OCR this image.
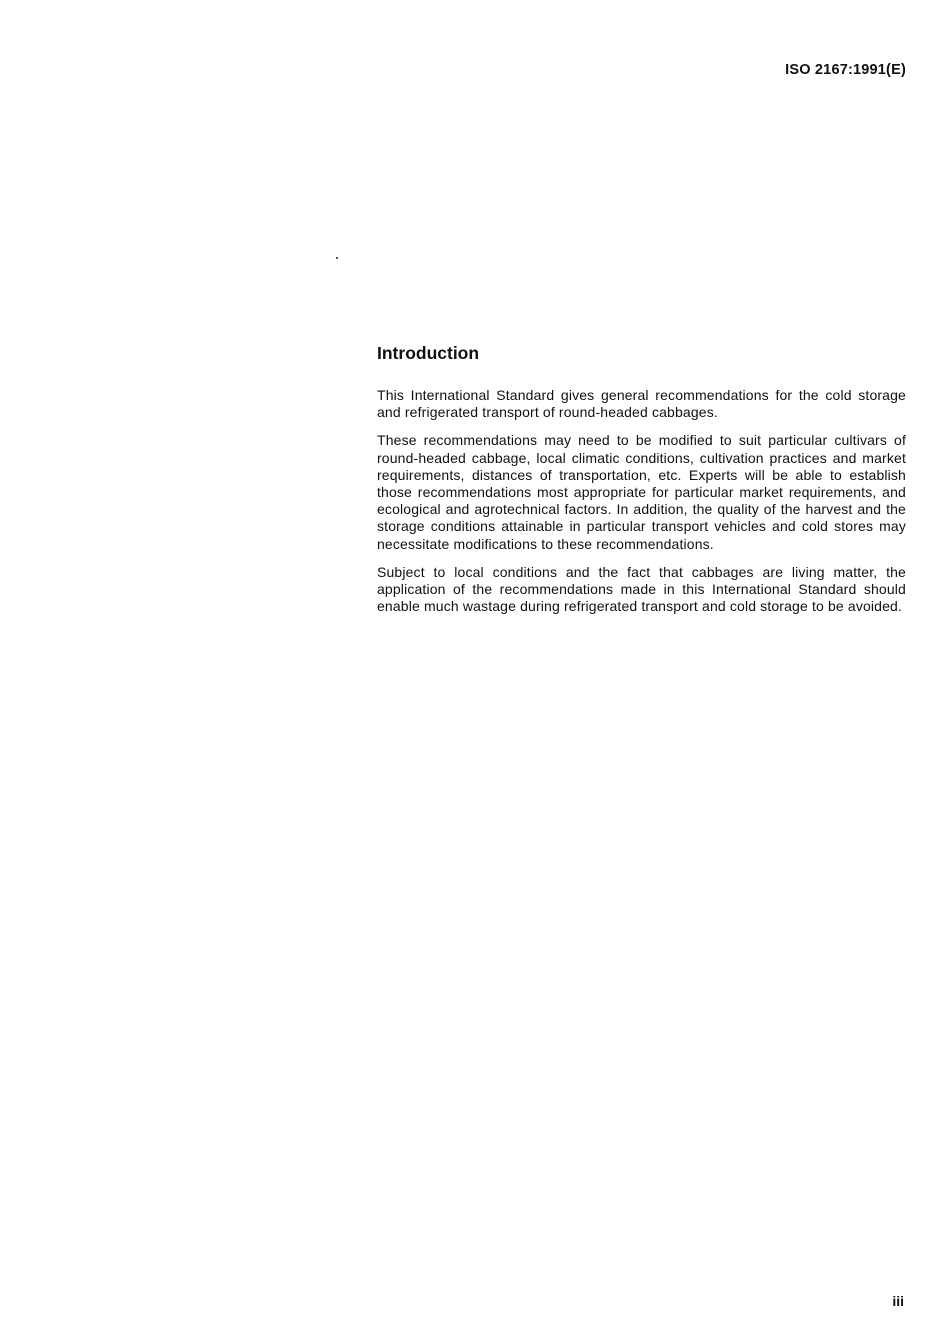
ISO 2167:1991(E)
Introduction

This International Standard gives general recommendations for the cold storage and refrigerated transport of round-headed cabbages.

These recommendations may need to be modified to suit particular cultivars of round-headed cabbage, local climatic conditions, cultivation practices and market requirements, distances of transportation, etc. Experts will be able to establish those recommendations most appropriate for particular market requirements, and ecological and agrotechnical factors. In addition, the quality of the harvest and the storage conditions attainable in particular transport vehicles and cold stores may necessitate modifications to these recommendations.

Subject to local conditions and the fact that cabbages are living matter, the application of the recommendations made in this International Standard should enable much wastage during refrigerated transport and cold storage to be avoided.

iii
